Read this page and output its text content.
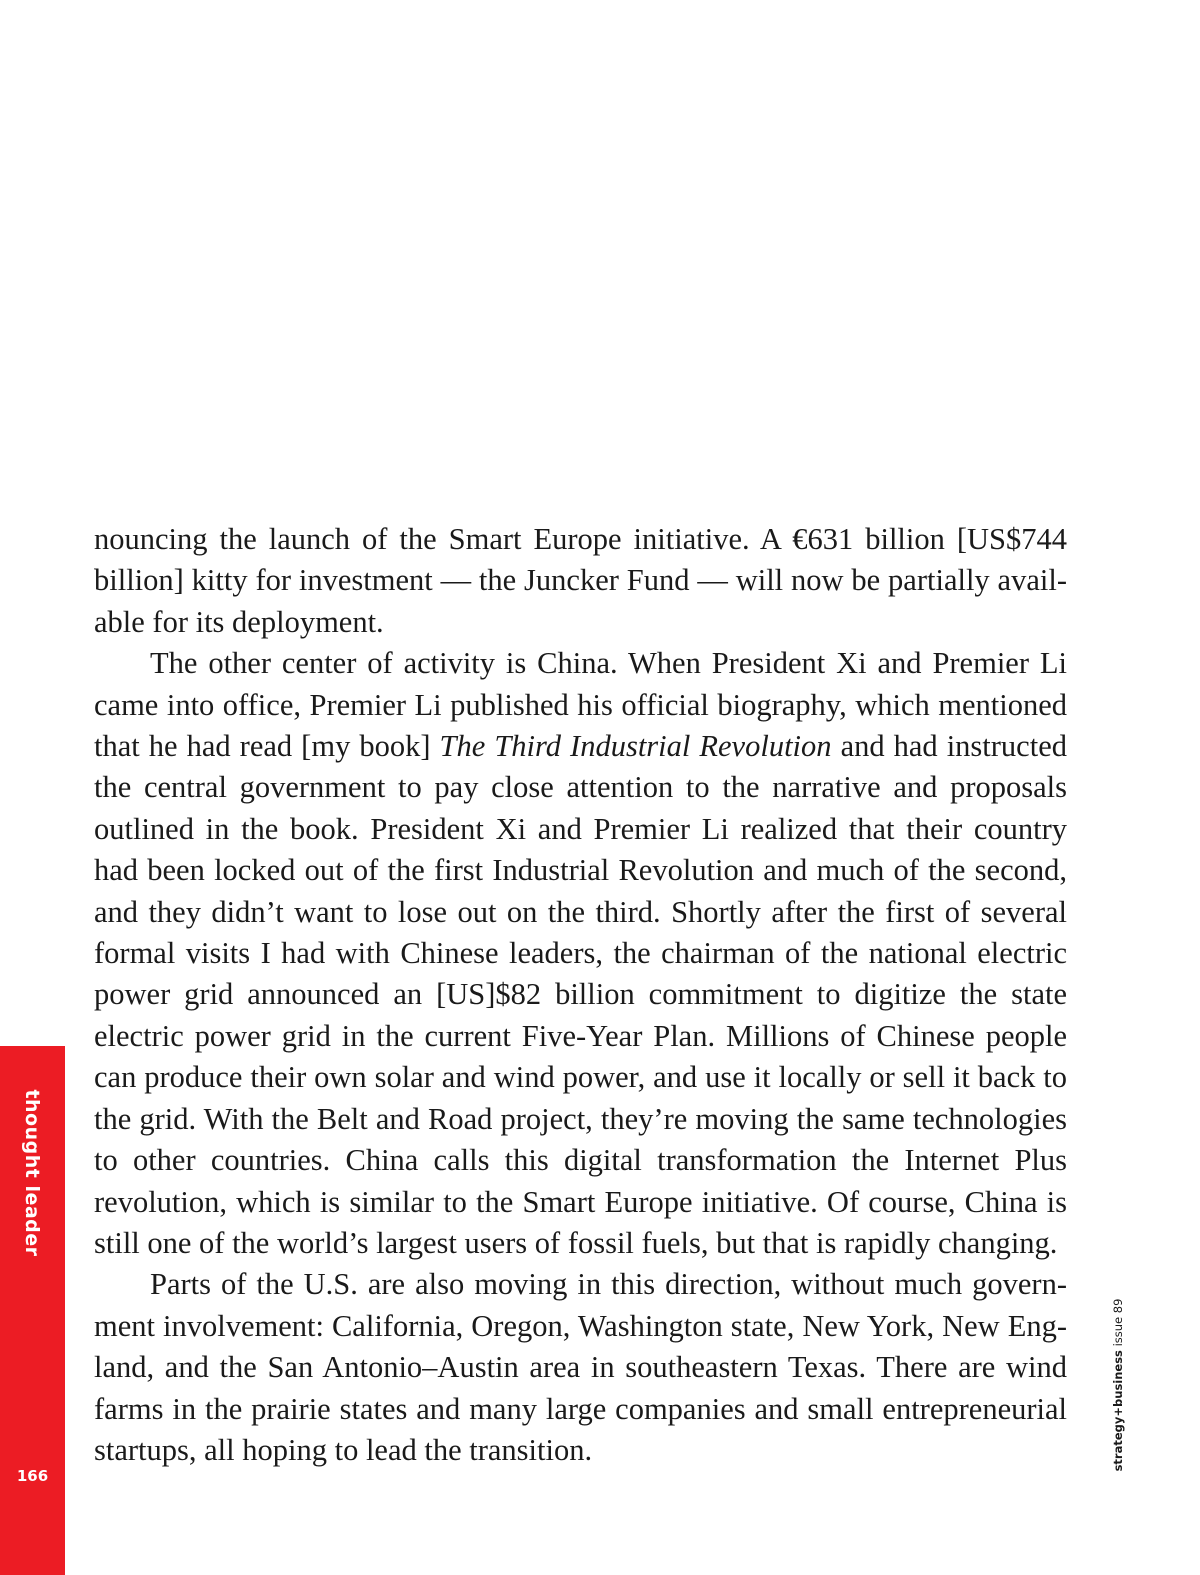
nouncing the launch of the Smart Europe initiative. A €631 billion [US$744 billion] kitty for investment — the Juncker Fund — will now be partially available for its deployment.

The other center of activity is China. When President Xi and Premier Li came into office, Premier Li published his official biography, which mentioned that he had read [my book] The Third Industrial Revolution and had instructed the central government to pay close attention to the narrative and proposals outlined in the book. President Xi and Premier Li realized that their country had been locked out of the first Industrial Revolution and much of the second, and they didn’t want to lose out on the third. Shortly after the first of several formal visits I had with Chinese leaders, the chairman of the national electric power grid announced an [US]$82 billion commitment to digitize the state electric power grid in the current Five-Year Plan. Millions of Chinese people can produce their own solar and wind power, and use it locally or sell it back to the grid. With the Belt and Road project, they’re moving the same technologies to other countries. China calls this digital transformation the Internet Plus revolution, which is similar to the Smart Europe initiative. Of course, China is still one of the world’s largest users of fossil fuels, but that is rapidly changing.

Parts of the U.S. are also moving in this direction, without much government involvement: California, Oregon, Washington state, New York, New England, and the San Antonio–Austin area in southeastern Texas. There are wind farms in the prairie states and many large companies and small entrepreneurial startups, all hoping to lead the transition.

thought leader
166
strategy+business issue 89
